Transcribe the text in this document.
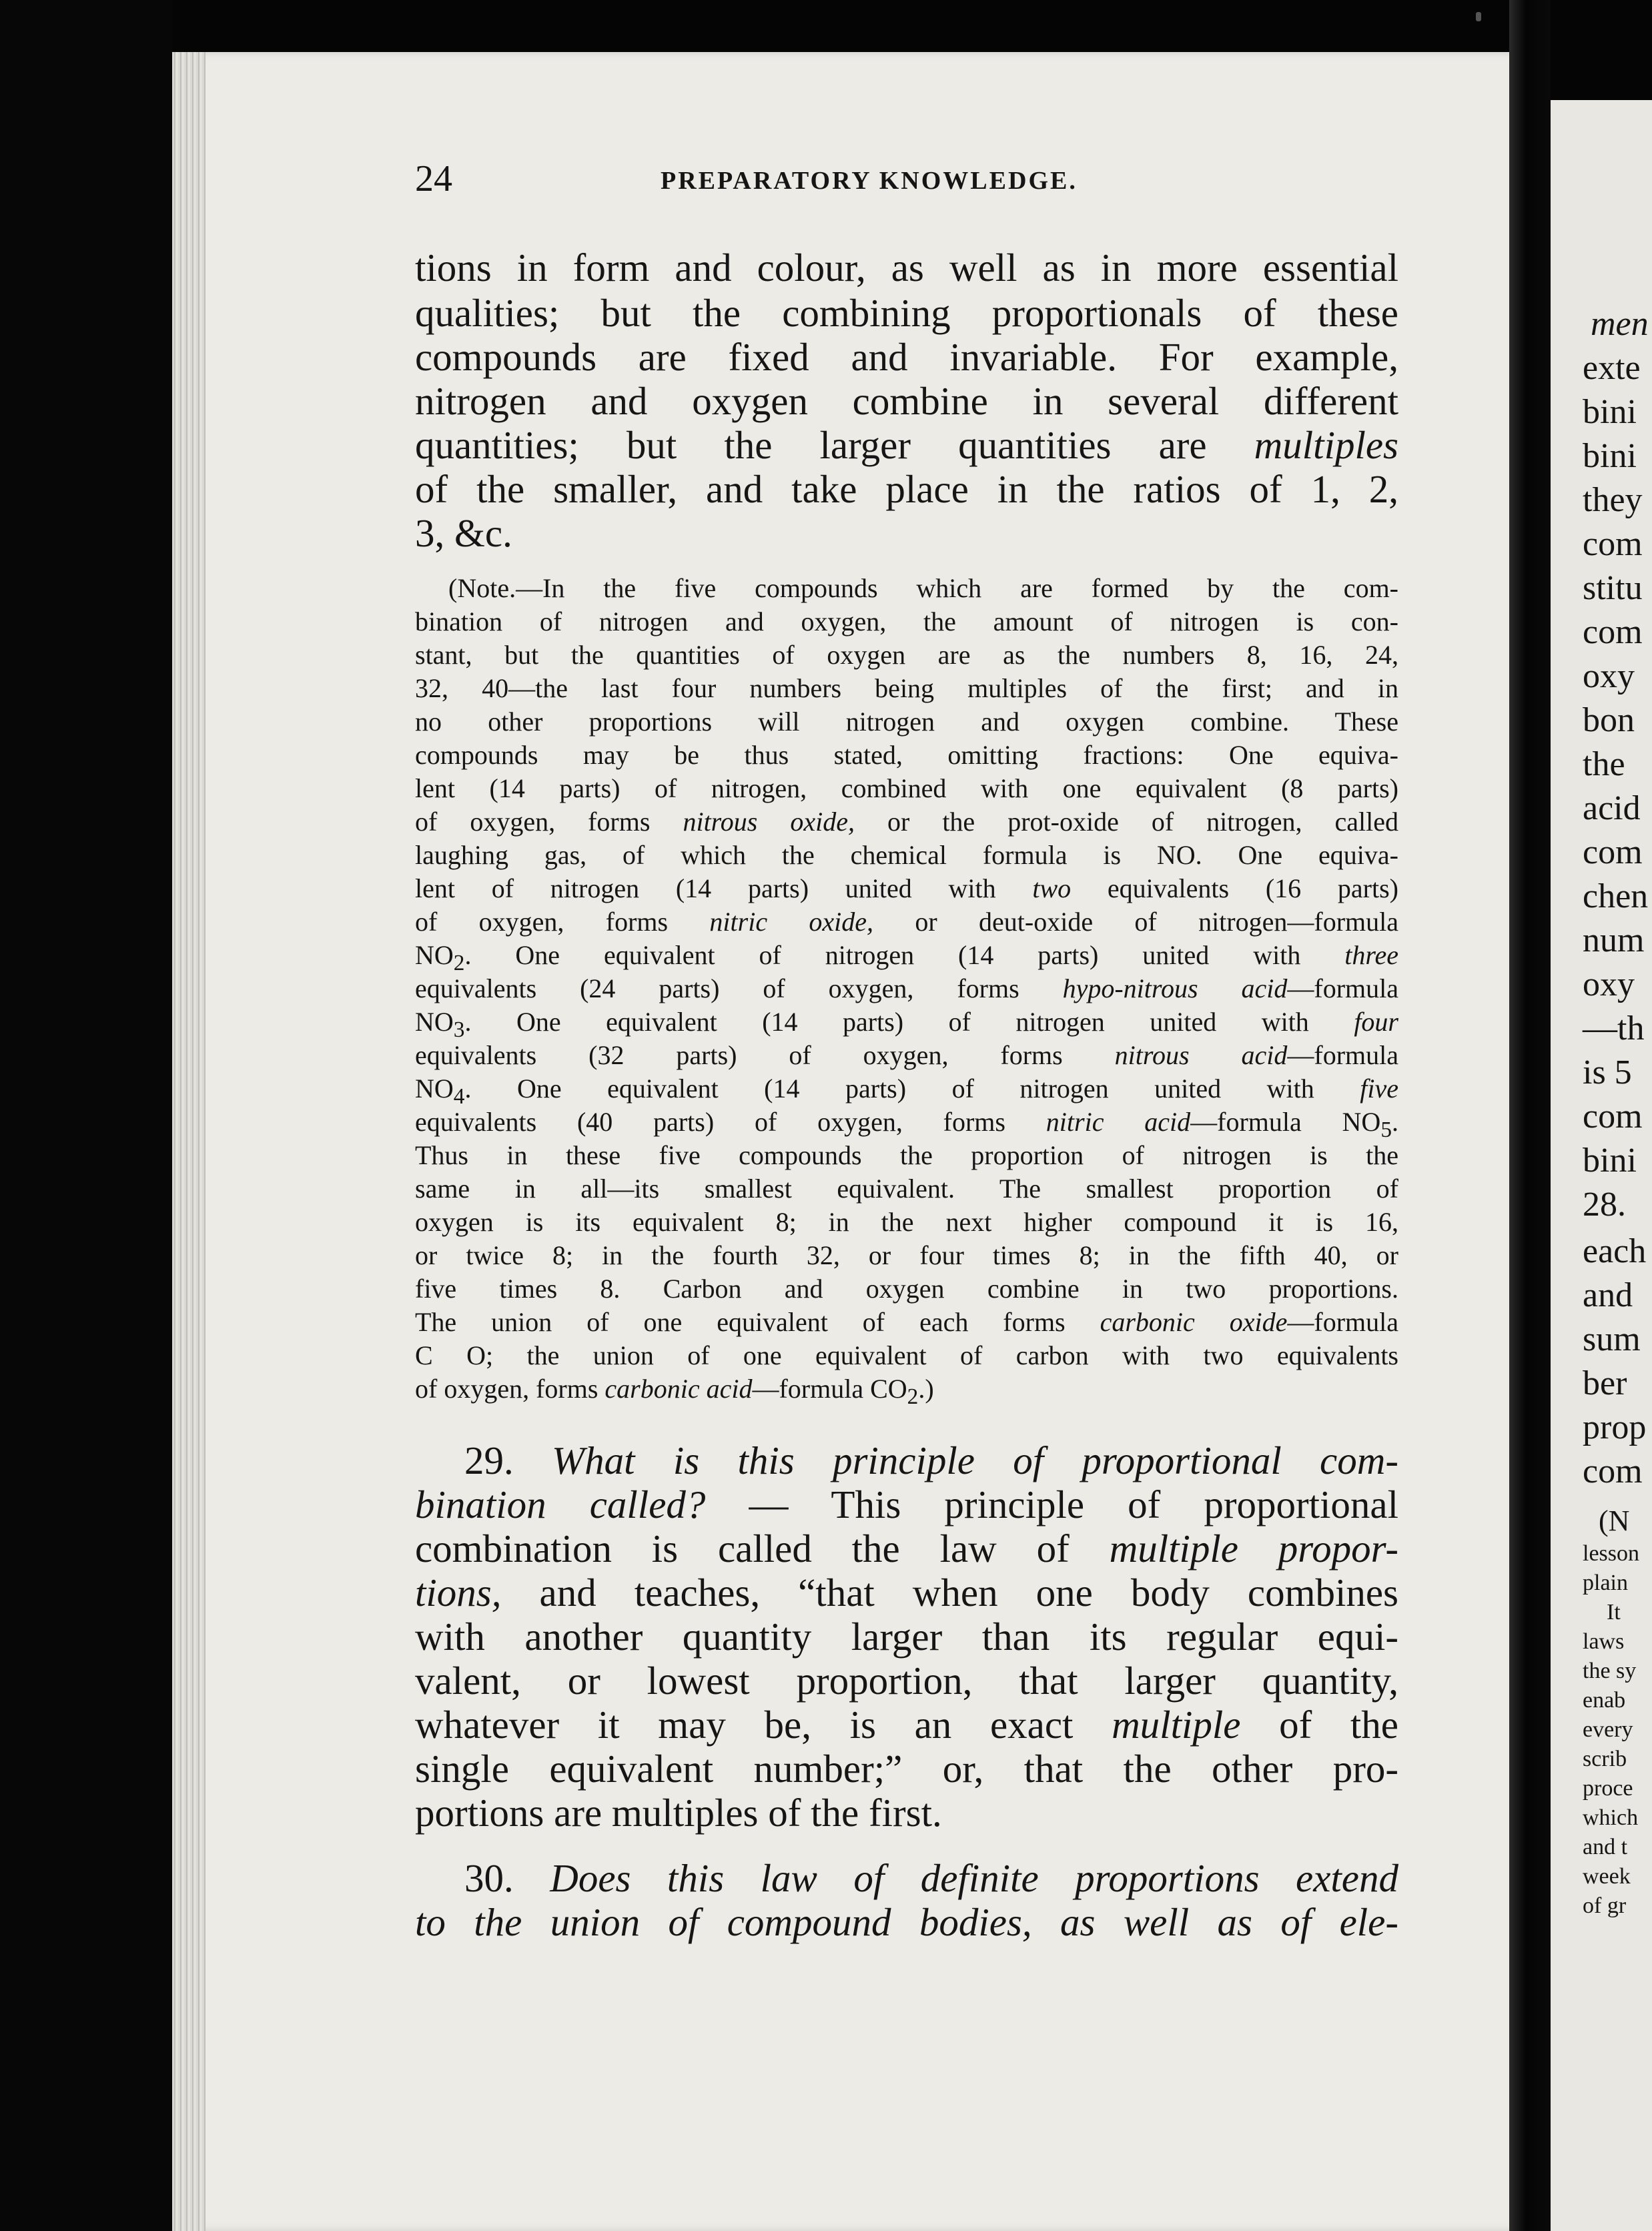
24	PREPARATORY KNOWLEDGE.
tions in form and colour, as well as in more essential
qualities; but the combining proportionals of these
compounds are fixed and invariable. For example,
nitrogen and oxygen combine in several different
quantities; but the larger quantities are multiples
of the smaller, and take place in the ratios of 1, 2,
3, &c.
(Note.—In the five compounds which are formed by the com-
bination of nitrogen and oxygen, the amount of nitrogen is con-
stant, but the quantities of oxygen are as the numbers 8, 16, 24,
32, 40—the last four numbers being multiples of the first; and in
no other proportions will nitrogen and oxygen combine. These
compounds may be thus stated, omitting fractions: One equiva-
lent (14 parts) of nitrogen, combined with one equivalent (8 parts)
of oxygen, forms nitrous oxide, or the prot-oxide of nitrogen, called
laughing gas, of which the chemical formula is NO. One equiva-
lent of nitrogen (14 parts) united with two equivalents (16 parts)
of oxygen, forms nitric oxide, or deut-oxide of nitrogen—formula
$NO_2$. One equivalent of nitrogen (14 parts) united with three
equivalents (24 parts) of oxygen, forms hypo-nitrous acid—formula
$NO_3$. One equivalent (14 parts) of nitrogen united with four
equivalents (32 parts) of oxygen, forms nitrous acid—formula
$NO_4$. One equivalent (14 parts) of nitrogen united with five
equivalents (40 parts) of oxygen, forms nitric acid—formula $NO_5$.
Thus in these five compounds the proportion of nitrogen is the
same in all—its smallest equivalent. The smallest proportion of
oxygen is its equivalent 8; in the next higher compound it is 16,
or twice 8; in the fourth 32, or four times 8; in the fifth 40, or
five times 8. Carbon and oxygen combine in two proportions.
The union of one equivalent of each forms carbonic oxide—formula
C O; the union of one equivalent of carbon with two equivalents
of oxygen, forms carbonic acid—formula $CO_2$.)
29. What is this principle of proportional com-
bination called? — This principle of proportional
combination is called the law of multiple propor-
tions, and teaches, “that when one body combines
with another quantity larger than its regular equi-
valent, or lowest proportion, that larger quantity,
whatever it may be, is an exact multiple of the
single equivalent number;” or, that the other pro-
portions are multiples of the first.
30. Does this law of definite proportions extend
to the union of compound bodies, as well as of ele-
men
exte
bini
bini
they
com
stitu
com
oxy
bon
the
acid
com
chen
num
oxy
—th
is 5
com
bini
28.
each
and
sum
ber
prop
com
(N
lesson
plain
It
laws
the sy
enab
every
scrib
proce
which
and t
week
of gr
